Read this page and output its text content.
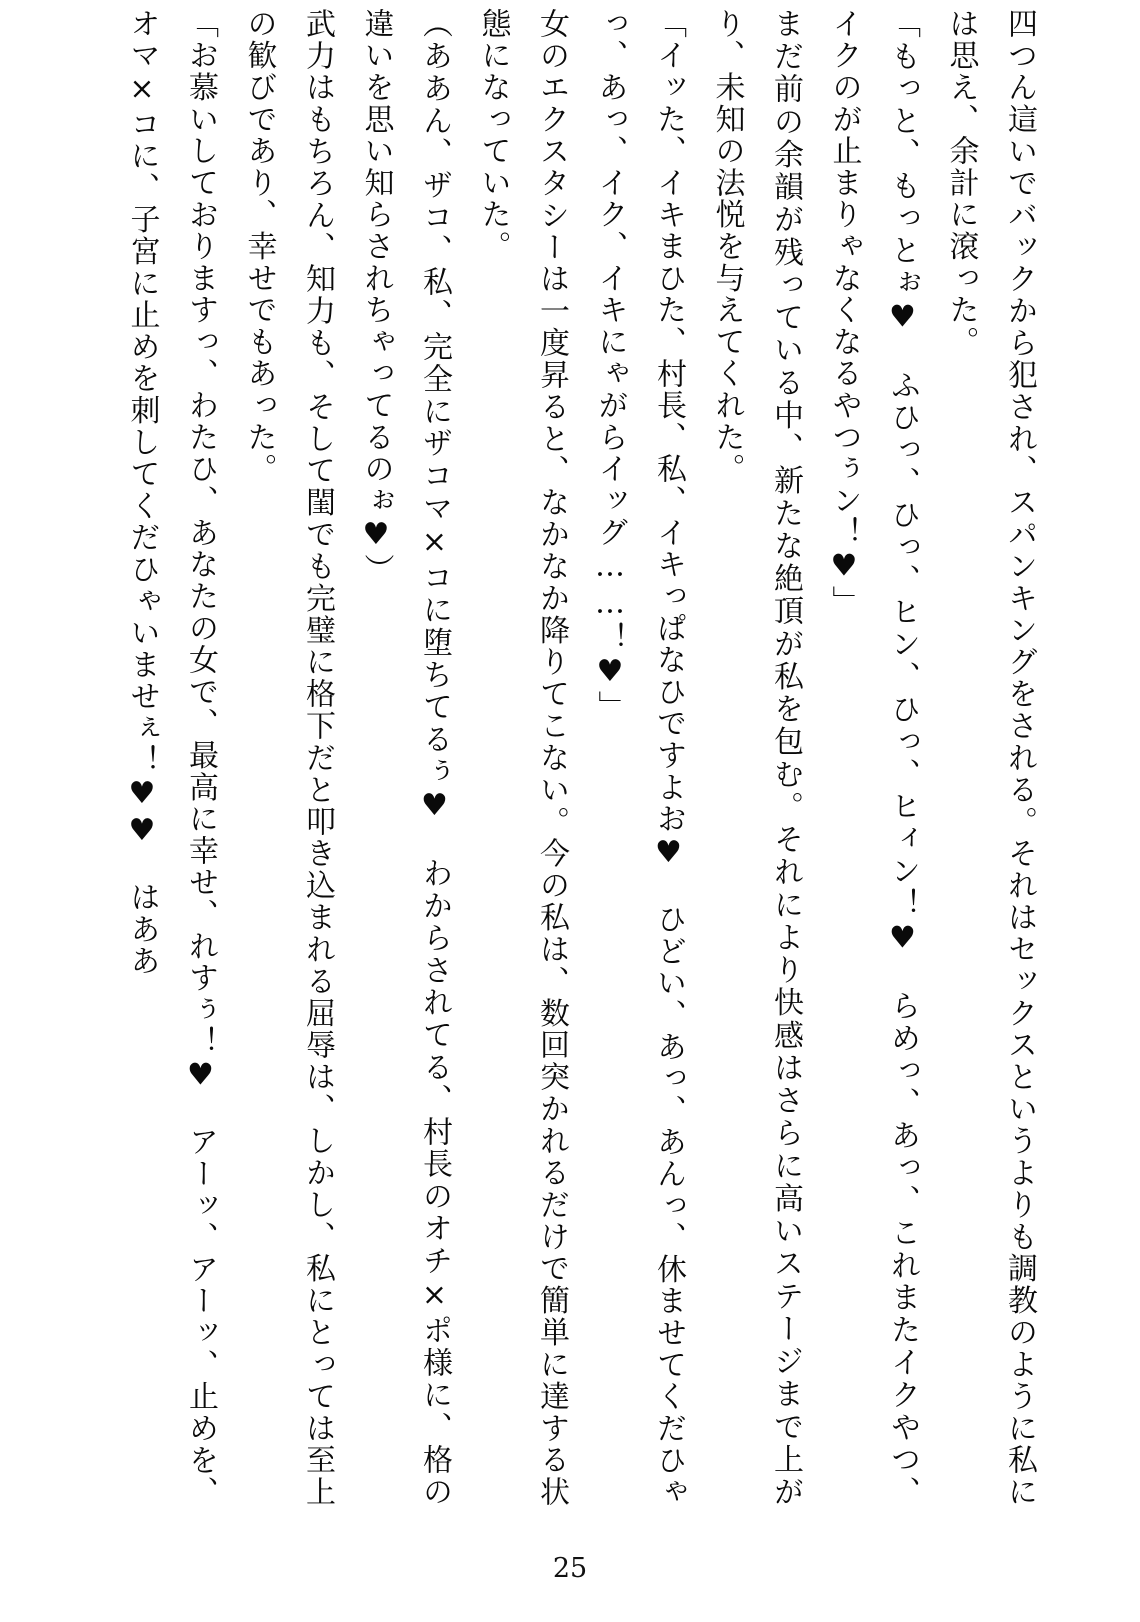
四つん這いでバックから犯され、スパンキングをされる。それはセックスというよりも調教のように私には思え、余計に滾った。

「もっと、もっとぉ♥　ふひっ、ひっ、ヒン、ひっ、ヒィン！♥　らめっ、あっ、これまたイクやつ、イクのが止まりゃなくなるやつぅン！♥」

まだ前の余韻が残っている中、新たな絶頂が私を包む。それにより快感はさらに高いステージまで上がり、未知の法悦を与えてくれた。

「イッた、イキまひた、村長、私、イキっぱなひですよお♥　ひどい、あっ、あんっ、休ませてくだひゃっ、あっ、イク、イキにゃがらイッグ……！♥」

女のエクスタシーは一度昇ると、なかなか降りてこない。今の私は、数回突かれるだけで簡単に達する状態になっていた。

（ああん、ザコ、私、完全にザコマ×コに堕ちてるぅ♥　わからされてる、村長のオチ×ポ様に、格の違いを思い知らされちゃってるのぉ♥）

武力はもちろん、知力も、そして閨でも完璧に格下だと叩き込まれる屈辱は、しかし、私にとっては至上の歓びであり、幸せでもあった。

「お慕いしておりますっ、わたひ、あなたの女で、最高に幸せ、れすぅ！♥　アーッ、アーッ、止めを、オマ×コに、子宮に止めを刺してくだひゃいませぇ！♥♥　はああ

25
